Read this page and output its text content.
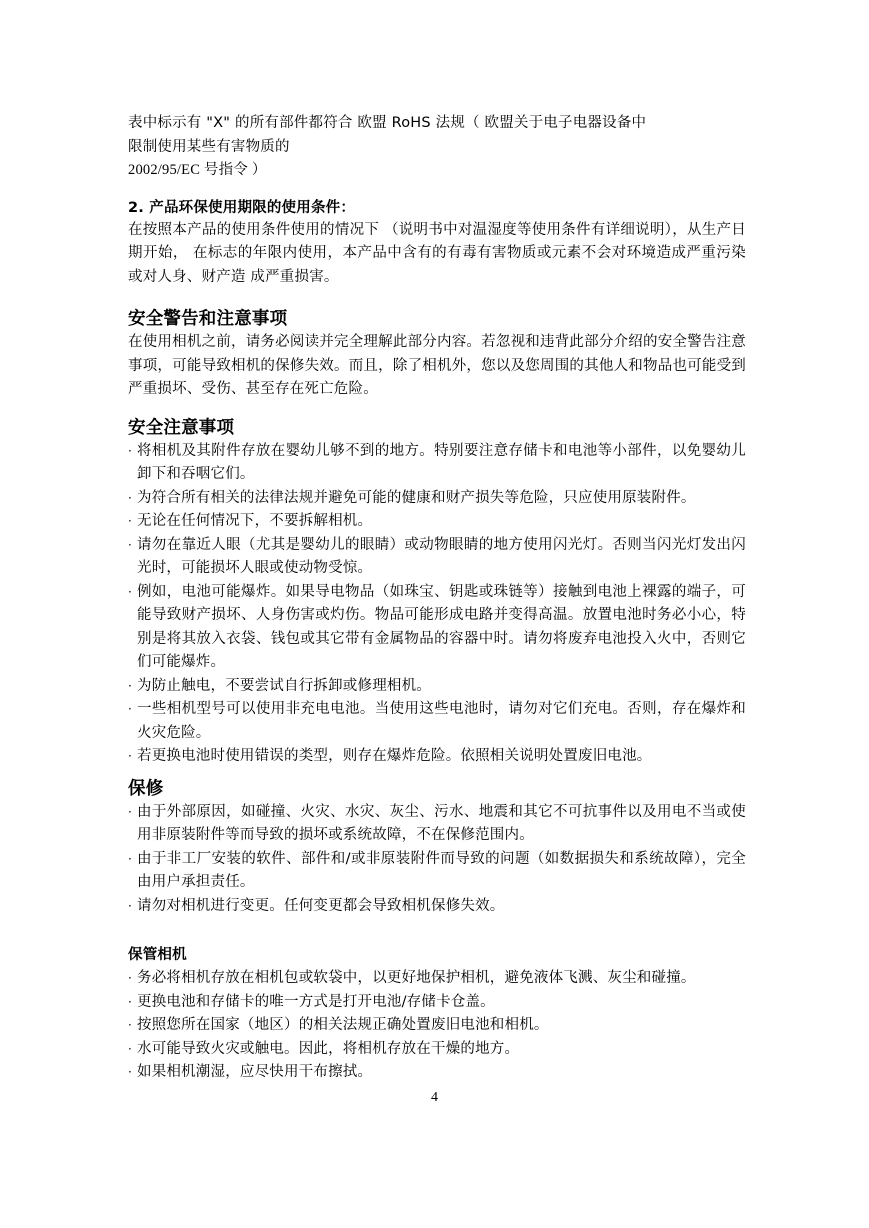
表中标示有 "X" 的所有部件都符合 欧盟 RoHS 法规（ 欧盟关于电子电器设备中

限制使用某些有害物质的

2002/95/EC 号指令 ）

2. 产品环保使用期限的使用条件：

在按照本产品的使用条件使用的情况下 （说明书中对温湿度等使用条件有详细说明），从生产日期开始， 在标志的年限内使用，本产品中含有的有毒有害物质或元素不会对环境造成严重污染或对人身、财产造 成严重损害。

安全警告和注意事项

在使用相机之前，请务必阅读并完全理解此部分内容。若忽视和违背此部分介绍的安全警告注意事项，可能导致相机的保修失效。而且，除了相机外，您以及您周围的其他人和物品也可能受到严重损坏、受伤、甚至存在死亡危险。

安全注意事项
· 将相机及其附件存放在婴幼儿够不到的地方。特别要注意存储卡和电池等小部件，以免婴幼儿卸下和吞咽它们。
· 为符合所有相关的法律法规并避免可能的健康和财产损失等危险，只应使用原装附件。
· 无论在任何情况下，不要拆解相机。
· 请勿在靠近人眼（尤其是婴幼儿的眼睛）或动物眼睛的地方使用闪光灯。否则当闪光灯发出闪光时，可能损坏人眼或使动物受惊。
· 例如，电池可能爆炸。如果导电物品（如珠宝、钥匙或珠链等）接触到电池上裸露的端子，可能导致财产损坏、人身伤害或灼伤。物品可能形成电路并变得高温。放置电池时务必小心，特别是将其放入衣袋、钱包或其它带有金属物品的容器中时。请勿将废弃电池投入火中，否则它们可能爆炸。
· 为防止触电，不要尝试自行拆卸或修理相机。
· 一些相机型号可以使用非充电电池。当使用这些电池时，请勿对它们充电。否则，存在爆炸和火灾危险。
· 若更换电池时使用错误的类型，则存在爆炸危险。依照相关说明处置废旧电池。
保修
· 由于外部原因，如碰撞、火灾、水灾、灰尘、污水、地震和其它不可抗事件以及用电不当或使用非原装附件等而导致的损坏或系统故障，不在保修范围内。
· 由于非工厂安装的软件、部件和/或非原装附件而导致的问题（如数据损失和系统故障），完全由用户承担责任。
· 请勿对相机进行变更。任何变更都会导致相机保修失效。
保管相机
· 务必将相机存放在相机包或软袋中，以更好地保护相机，避免液体飞溅、灰尘和碰撞。
· 更换电池和存储卡的唯一方式是打开电池/存储卡仓盖。
· 按照您所在国家（地区）的相关法规正确处置废旧电池和相机。
· 水可能导致火灾或触电。因此，将相机存放在干燥的地方。
· 如果相机潮湿，应尽快用干布擦拭。
4
